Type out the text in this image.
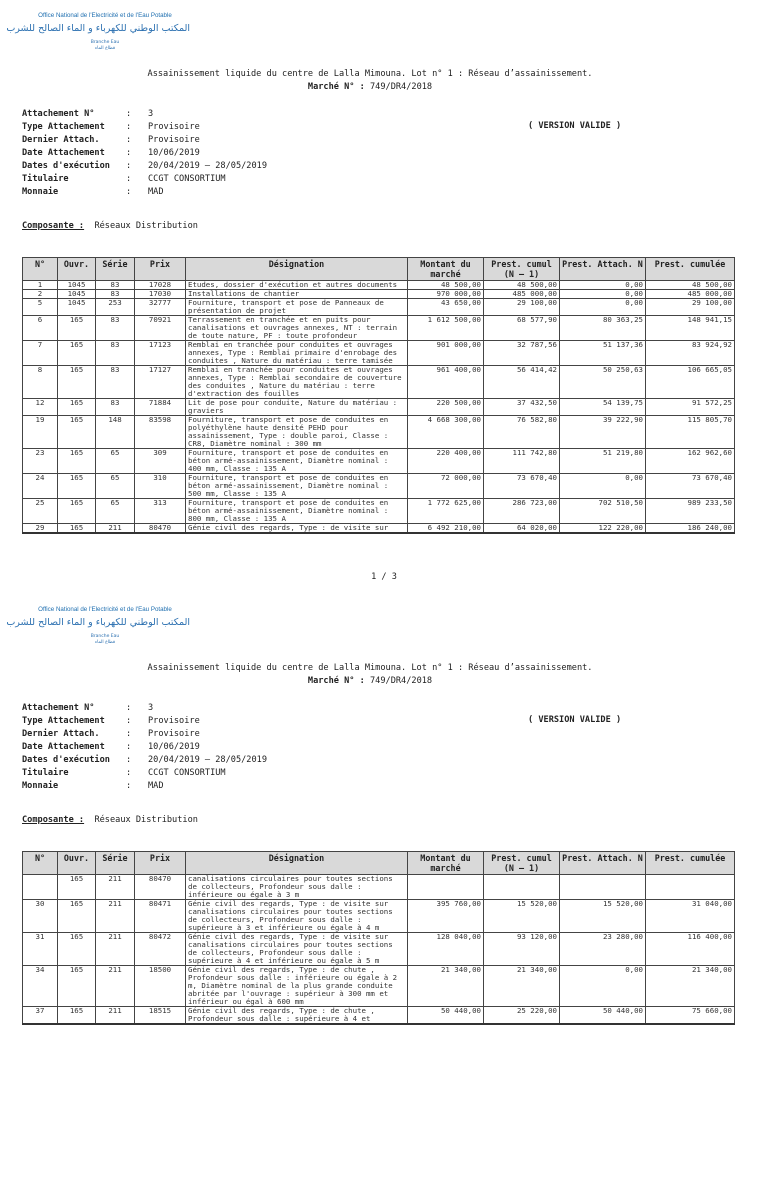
Office National de l'Electricité et de l'Eau Potable
المكتب الوطني للكهرباء و الماء الصالح للشرب
Branche Eau
قطاع الماء
Assainissement liquide du centre de Lalla Mimouna. Lot n° 1 : Réseau d’assainissement.
Marché N° : 749/DR4/2018
Attachement N°	: 3
Type Attachement : Provisoire
Dernier Attach.	: Provisoire
Date Attachement : 10/06/2019
Dates d'exécution : 20/04/2019 – 28/05/2019
Titulaire	: CCGT CONSORTIUM
Monnaie	: MAD
( VERSION VALIDE )
Composante : Réseaux Distribution
N°	Ouvr.	Série	Prix	Désignation	Montant du marché	Prest. cumul (N – 1)	Prest. Attach. N	Prest. cumulée
1	1045	83	17028	Etudes, dossier d'exécution et autres documents	48 500,00	48 500,00	0,00	48 500,00
2	1045	83	17030	Installations de chantier	970 000,00	485 000,00	0,00	485 000,00
5	1045	253	32777	Fourniture, transport et pose de Panneaux de présentation de projet	43 650,00	29 100,00	0,00	29 100,00
6	165	83	70921	Terrassement en tranchée et en puits pour canalisations et ouvrages annexes, NT : terrain de toute nature, PF : toute profondeur	1 612 500,00	68 577,90	80 363,25	148 941,15
7	165	83	17123	Remblai en tranchée pour conduites et ouvrages annexes, Type : Remblai primaire d'enrobage des conduites , Nature du matériau : terre tamisée	901 000,00	32 787,56	51 137,36	83 924,92
8	165	83	17127	Remblai en tranchée pour conduites et ouvrages annexes, Type : Remblai secondaire de couverture des conduites , Nature du matériau : terre d'extraction des fouilles	961 400,00	56 414,42	50 250,63	106 665,05
12	165	83	71884	Lit de pose pour conduite, Nature du matériau : graviers	220 500,00	37 432,50	54 139,75	91 572,25
19	165	148	83598	Fourniture, transport et pose de conduites en polyéthylène haute densité PEHD pour assainissement, Type : double paroi, Classe : CR8, Diamètre nominal : 300 mm	4 668 300,00	76 582,80	39 222,90	115 805,70
23	165	65	309	Fourniture, transport et pose de conduites en béton armé-assainissement, Diamètre nominal : 400 mm, Classe : 135 A	220 400,00	111 742,80	51 219,80	162 962,60
24	165	65	310	Fourniture, transport et pose de conduites en béton armé-assainissement, Diamètre nominal : 500 mm, Classe : 135 A	72 000,00	73 670,40	0,00	73 670,40
25	165	65	313	Fourniture, transport et pose de conduites en béton armé-assainissement, Diamètre nominal : 800 mm, Classe : 135 A	1 772 625,00	286 723,00	702 510,50	989 233,50
29	165	211	80470	Génie civil des regards, Type : de visite sur	6 492 210,00	64 020,00	122 220,00	186 240,00
1 / 3
Office National de l'Electricité et de l'Eau Potable
المكتب الوطني للكهرباء و الماء الصالح للشرب
Branche Eau
قطاع الماء
Assainissement liquide du centre de Lalla Mimouna. Lot n° 1 : Réseau d’assainissement.
Marché N° : 749/DR4/2018
Attachement N°	: 3
Type Attachement : Provisoire
Dernier Attach.	: Provisoire
Date Attachement : 10/06/2019
Dates d'exécution : 20/04/2019 – 28/05/2019
Titulaire	: CCGT CONSORTIUM
Monnaie	: MAD
( VERSION VALIDE )
Composante : Réseaux Distribution
N°	Ouvr.	Série	Prix	Désignation	Montant du marché	Prest. cumul (N – 1)	Prest. Attach. N	Prest. cumulée
	165	211	80470	canalisations circulaires pour toutes sections de collecteurs, Profondeur sous dalle : inférieure ou égale à 3 m				
30	165	211	80471	Génie civil des regards, Type : de visite sur canalisations circulaires pour toutes sections de collecteurs, Profondeur sous dalle : supérieure à 3 et inférieure ou égale à 4 m	395 760,00	15 520,00	15 520,00	31 040,00
31	165	211	80472	Génie civil des regards, Type : de visite sur canalisations circulaires pour toutes sections de collecteurs, Profondeur sous dalle : supérieure à 4 et inférieure ou égale à 5 m	128 040,00	93 120,00	23 280,00	116 400,00
34	165	211	18500	Génie civil des regards, Type : de chute , Profondeur sous dalle : inférieure ou égale à 2 m, Diamètre nominal de la plus grande conduite abritée par l'ouvrage : supérieur à 300 mm et inférieur ou égal à 600 mm	21 340,00	21 340,00	0,00	21 340,00
37	165	211	18515	Génie civil des regards, Type : de chute , Profondeur sous dalle : supérieure à 4 et	50 440,00	25 220,00	50 440,00	75 660,00
